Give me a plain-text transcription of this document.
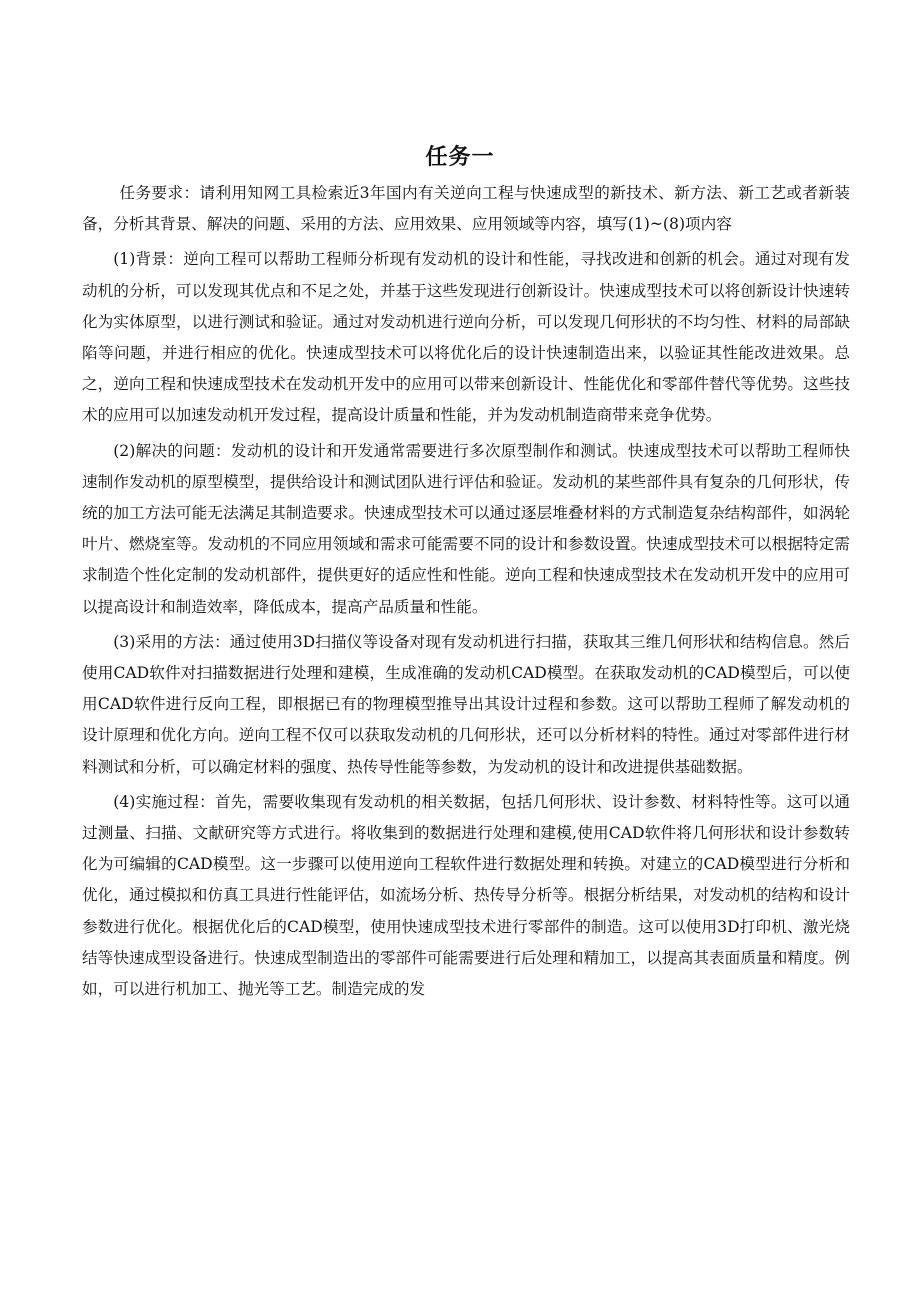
任务一

任务要求：请利用知网工具检索近3年国内有关逆向工程与快速成型的新技术、新方法、新工艺或者新装备，分析其背景、解决的问题、采用的方法、应用效果、应用领域等内容，填写(1)~(8)项内容

(1)背景：逆向工程可以帮助工程师分析现有发动机的设计和性能，寻找改进和创新的机会。通过对现有发动机的分析，可以发现其优点和不足之处，并基于这些发现进行创新设计。快速成型技术可以将创新设计快速转化为实体原型，以进行测试和验证。通过对发动机进行逆向分析，可以发现几何形状的不均匀性、材料的局部缺陷等问题，并进行相应的优化。快速成型技术可以将优化后的设计快速制造出来，以验证其性能改进效果。总之，逆向工程和快速成型技术在发动机开发中的应用可以带来创新设计、性能优化和零部件替代等优势。这些技术的应用可以加速发动机开发过程，提高设计质量和性能，并为发动机制造商带来竞争优势。

(2)解决的问题：发动机的设计和开发通常需要进行多次原型制作和测试。快速成型技术可以帮助工程师快速制作发动机的原型模型，提供给设计和测试团队进行评估和验证。发动机的某些部件具有复杂的几何形状，传统的加工方法可能无法满足其制造要求。快速成型技术可以通过逐层堆叠材料的方式制造复杂结构部件，如涡轮叶片、燃烧室等。发动机的不同应用领域和需求可能需要不同的设计和参数设置。快速成型技术可以根据特定需求制造个性化定制的发动机部件，提供更好的适应性和性能。逆向工程和快速成型技术在发动机开发中的应用可以提高设计和制造效率，降低成本，提高产品质量和性能。

(3)采用的方法：通过使用3D扫描仪等设备对现有发动机进行扫描，获取其三维几何形状和结构信息。然后使用CAD软件对扫描数据进行处理和建模，生成准确的发动机CAD模型。在获取发动机的CAD模型后，可以使用CAD软件进行反向工程，即根据已有的物理模型推导出其设计过程和参数。这可以帮助工程师了解发动机的设计原理和优化方向。逆向工程不仅可以获取发动机的几何形状，还可以分析材料的特性。通过对零部件进行材料测试和分析，可以确定材料的强度、热传导性能等参数，为发动机的设计和改进提供基础数据。

(4)实施过程：首先，需要收集现有发动机的相关数据，包括几何形状、设计参数、材料特性等。这可以通过测量、扫描、文献研究等方式进行。将收集到的数据进行处理和建模,使用CAD软件将几何形状和设计参数转化为可编辑的CAD模型。这一步骤可以使用逆向工程软件进行数据处理和转换。对建立的CAD模型进行分析和优化，通过模拟和仿真工具进行性能评估，如流场分析、热传导分析等。根据分析结果，对发动机的结构和设计参数进行优化。根据优化后的CAD模型，使用快速成型技术进行零部件的制造。这可以使用3D打印机、激光烧结等快速成型设备进行。快速成型制造出的零部件可能需要进行后处理和精加工，以提高其表面质量和精度。例如，可以进行机加工、抛光等工艺。制造完成的发
